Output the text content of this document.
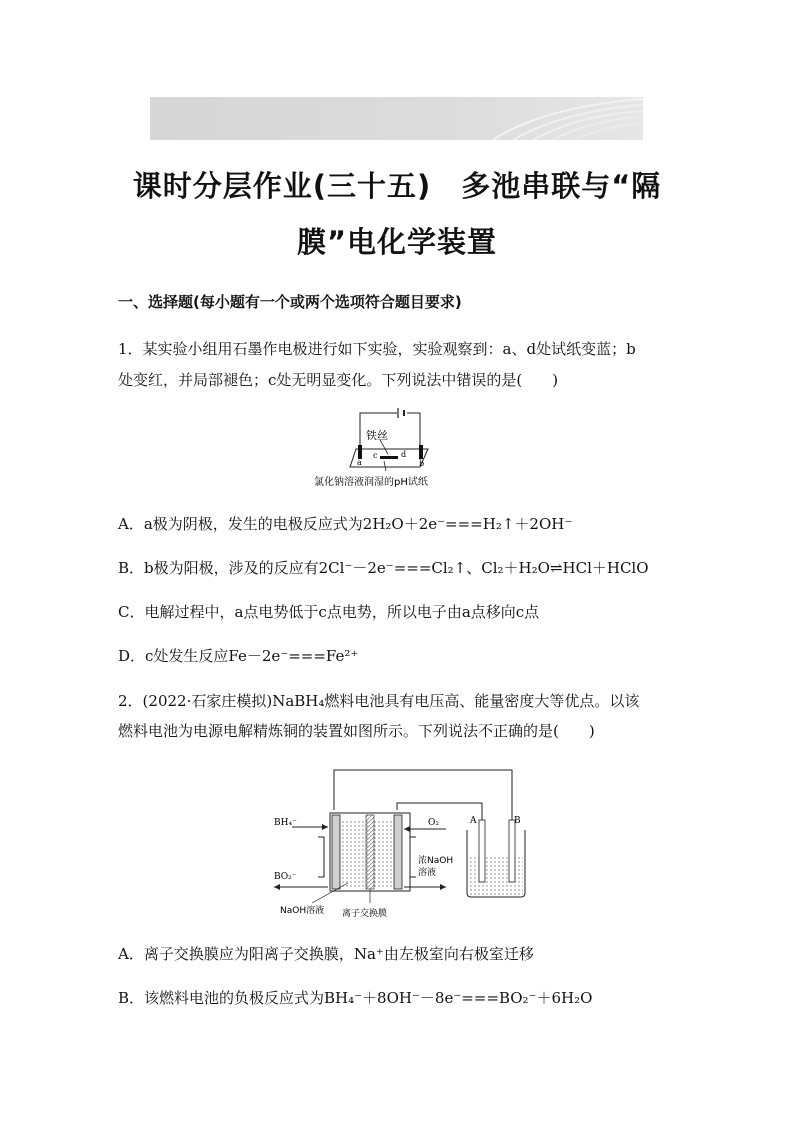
课时分层作业(三十五)　多池串联与“隔
膜”电化学装置
一、选择题(每小题有一个或两个选项符合题目要求)
1．某实验小组用石墨作电极进行如下实验，实验观察到：a、d处试纸变蓝；b
处变红，并局部褪色；c处无明显变化。下列说法中错误的是(　　)
铁丝
a
c	d
b
氯化钠溶液润湿的pH试纸
A．a极为阴极，发生的电极反应式为2H₂O＋2e⁻===H₂↑＋2OH⁻
B．b极为阳极，涉及的反应有2Cl⁻－2e⁻===Cl₂↑、Cl₂＋H₂O⇌HCl＋HClO
C．电解过程中，a点电势低于c点电势，所以电子由a点移向c点
D．c处发生反应Fe－2e⁻===Fe²⁺
2．(2022·石家庄模拟)NaBH₄燃料电池具有电压高、能量密度大等优点。以该
燃料电池为电源电解精炼铜的装置如图所示。下列说法不正确的是(　　)
BH₄⁻
BO₂⁻
O₂
浓NaOH
溶液
NaOH溶液 离子交换膜
A	B
A．离子交换膜应为阳离子交换膜，Na⁺由左极室向右极室迁移
B．该燃料电池的负极反应式为BH₄⁻＋8OH⁻－8e⁻===BO₂⁻＋6H₂O
